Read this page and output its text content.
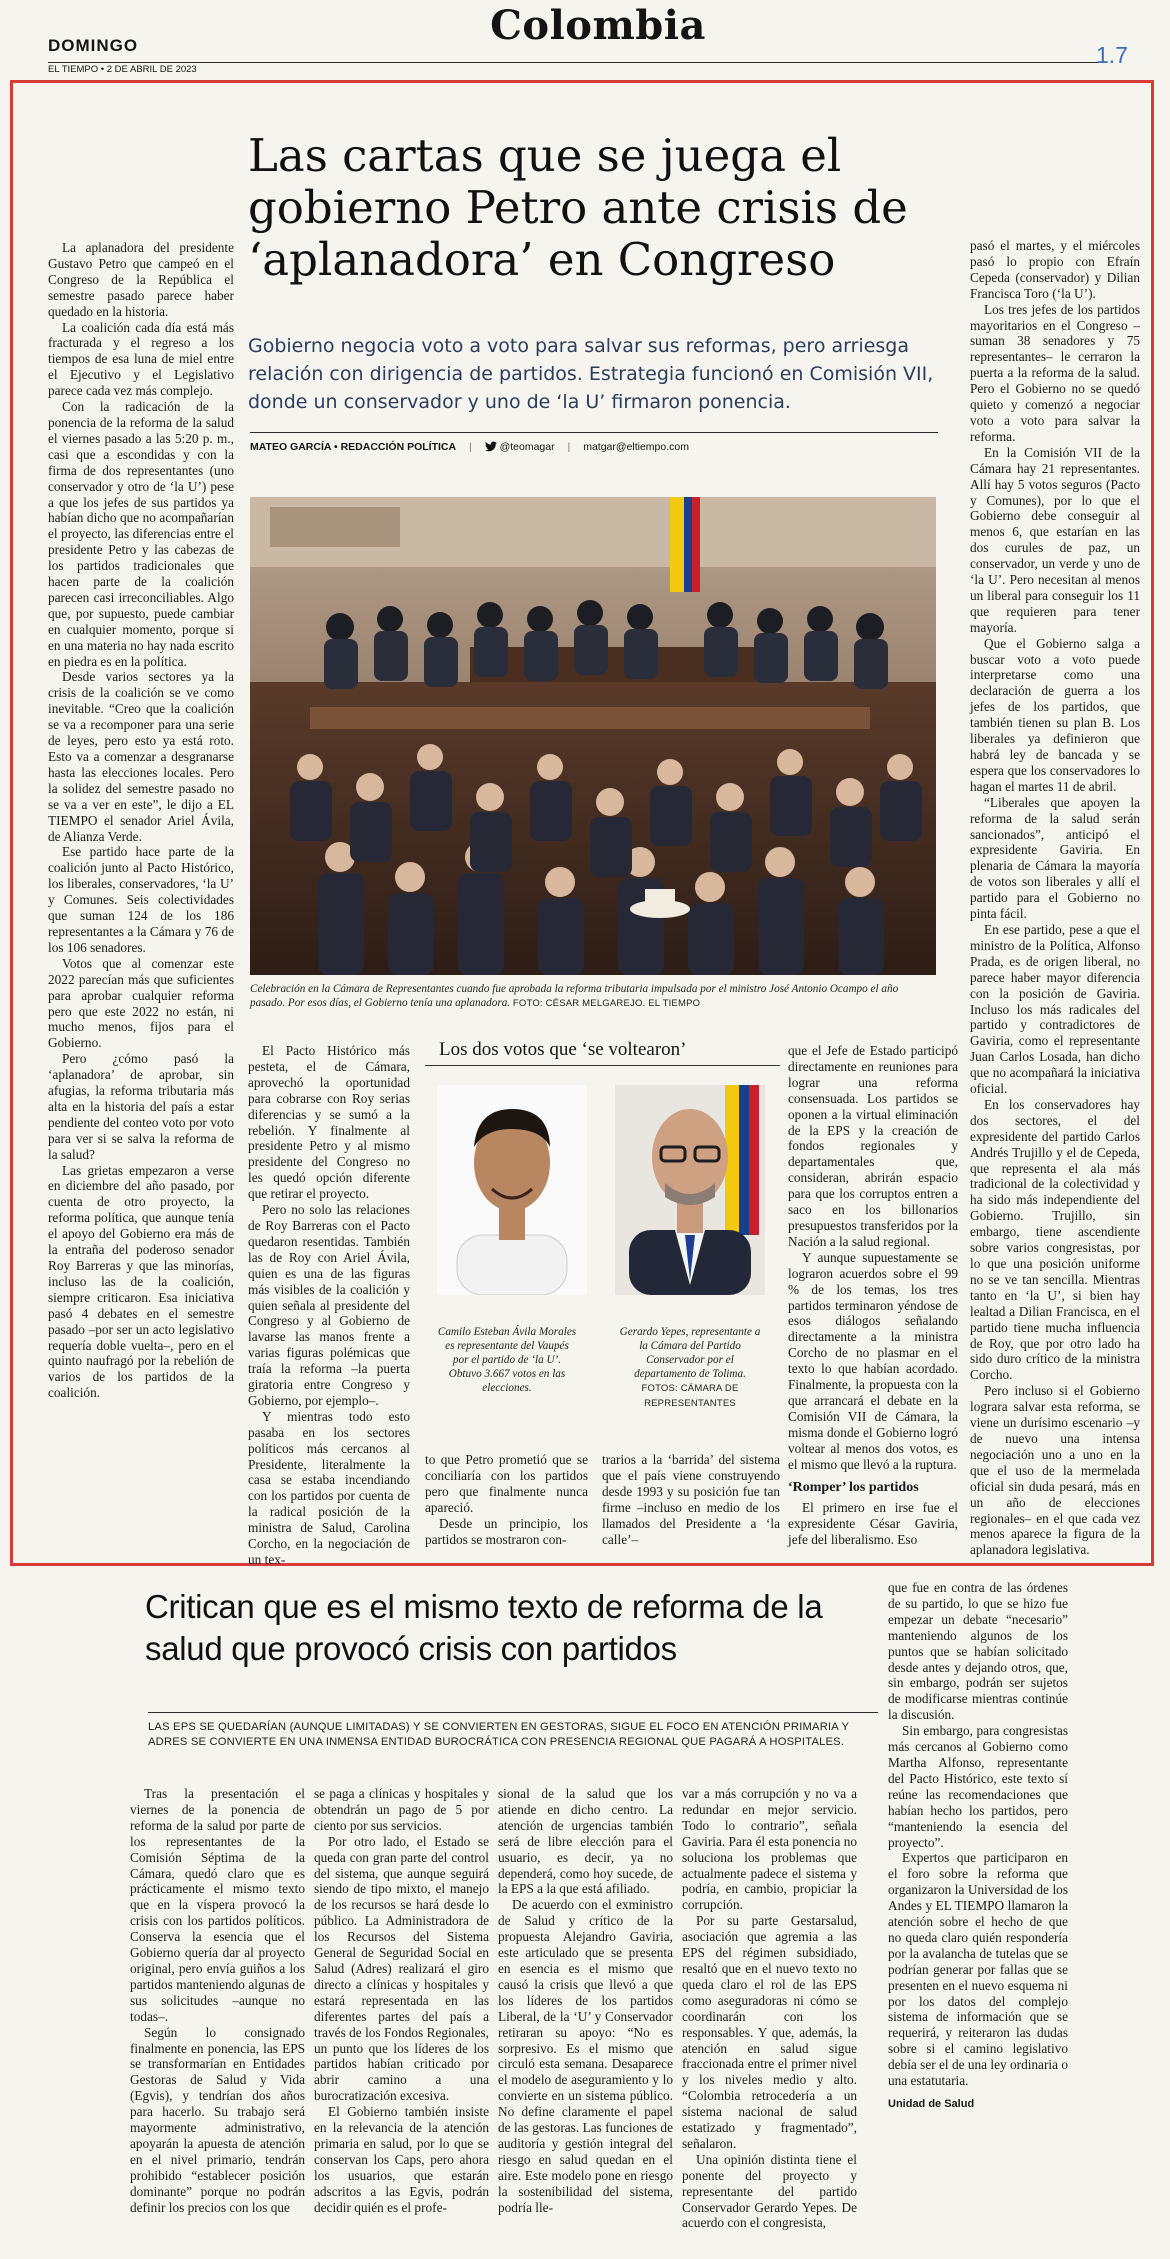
DOMINGO	Colombia
EL TIEMPO • 2 DE ABRIL DE 2023
1.7
Las cartas que se juega el gobierno Petro ante crisis de ‘aplanadora’ en Congreso
Gobierno negocia voto a voto para salvar sus reformas, pero arriesga relación con dirigencia de partidos. Estrategia funcionó en Comisión VII, donde un conservador y uno de ‘la U’ firmaron ponencia.
MATEO GARCÍA • REDACCIÓN POLÍTICA |	@teomagar | matgar@eltiempo.com
Celebración en la Cámara de Representantes cuando fue aprobada la reforma tributaria impulsada por el ministro José Antonio Ocampo el año pasado. Por esos días, el Gobierno tenía una aplanadora. FOTO: CÉSAR MELGAREJO. EL TIEMPO

La aplanadora del presidente Gustavo Petro que campeó en el Congreso de la República el semestre pasado parece haber quedado en la historia.

La coalición cada día está más fracturada y el regreso a los tiempos de esa luna de miel entre el Ejecutivo y el Legislativo parece cada vez más complejo.

Con la radicación de la ponencia de la reforma de la salud el viernes pasado a las 5:20 p. m., casi que a escondidas y con la firma de dos representantes (uno conservador y otro de ‘la U’) pese a que los jefes de sus partidos ya habían dicho que no acompañarían el proyecto, las diferencias entre el presidente Petro y las cabezas de los partidos tradicionales que hacen parte de la coalición parecen casi irreconciliables. Algo que, por supuesto, puede cambiar en cualquier momento, porque si en una materia no hay nada escrito en piedra es en la política.

Desde varios sectores ya la crisis de la coalición se ve como inevitable. “Creo que la coalición se va a recomponer para una serie de leyes, pero esto ya está roto. Esto va a comenzar a desgranarse hasta las elecciones locales. Pero la solidez del semestre pasado no se va a ver en este”, le dijo a EL TIEMPO el senador Ariel Ávila, de Alianza Verde.

Ese partido hace parte de la coalición junto al Pacto Histórico, los liberales, conservadores, ‘la U’ y Comunes. Seis colectividades que suman 124 de los 186 representantes a la Cámara y 76 de los 106 senadores.

Votos que al comenzar este 2022 parecían más que suficientes para aprobar cualquier reforma pero que este 2022 no están, ni mucho menos, fijos para el Gobierno.

Pero ¿cómo pasó la ‘aplanadora’ de aprobar, sin afugias, la reforma tributaria más alta en la historia del país a estar pendiente del conteo voto por voto para ver si se salva la reforma de la salud?

Las grietas empezaron a verse en diciembre del año pasado, por cuenta de otro proyecto, la reforma política, que aunque tenía el apoyo del Gobierno era más de la entraña del poderoso senador Roy Barreras y que las minorías, incluso las de la coalición, siempre criticaron. Esa iniciativa pasó 4 debates en el semestre pasado –por ser un acto legislativo requería doble vuelta–, pero en el quinto naufragó por la rebelión de varios de los partidos de la coalición.

El Pacto Histórico más pesteta, el de Cámara, aprovechó la oportunidad para cobrarse con Roy serias diferencias y se sumó a la rebelión. Y finalmente al presidente Petro y al mismo presidente del Congreso no les quedó opción diferente que retirar el proyecto.

Pero no solo las relaciones de Roy Barreras con el Pacto quedaron resentidas. También las de Roy con Ariel Ávila, quien es una de las figuras más visibles de la coalición y quien señala al presidente del Congreso y al Gobierno de lavarse las manos frente a varias figuras polémicas que traía la reforma –la puerta giratoria entre Congreso y Gobierno, por ejemplo–.

Y mientras todo esto pasaba en los sectores políticos más cercanos al Presidente, literalmente la casa se estaba incendiando con los partidos por cuenta de la radical posición de la ministra de Salud, Carolina Corcho, en la negociación de un tex-

Los dos votos que ‘se voltearon’
Camilo Esteban Ávila Morales es representante del Vaupés por el partido de ‘la U’. Obtuvo 3.667 votos en las elecciones.
Gerardo Yepes, representante a la Cámara del Partido Conservador por el departamento de Tolima. FOTOS: CÁMARA DE REPRESENTANTES

to que Petro prometió que se conciliaría con los partidos pero que finalmente nunca apareció.

Desde un principio, los partidos se mostraron con-

trarios a la ‘barrida’ del sistema que el país viene construyendo desde 1993 y su posición fue tan firme –incluso en medio de los llamados del Presidente a ‘la calle’–

que el Jefe de Estado participó directamente en reuniones para lograr una reforma consensuada. Los partidos se oponen a la virtual eliminación de la EPS y la creación de fondos regionales y departamentales que, consideran, abrirán espacio para que los corruptos entren a saco en los billonarios presupuestos transferidos por la Nación a la salud regional.

Y aunque supuestamente se lograron acuerdos sobre el 99 % de los temas, los tres partidos terminaron yéndose de esos diálogos señalando directamente a la ministra Corcho de no plasmar en el texto lo que habían acordado. Finalmente, la propuesta con la que arrancará el debate en la Comisión VII de Cámara, la misma donde el Gobierno logró voltear al menos dos votos, es el mismo que llevó a la ruptura.

‘Romper’ los partidos

El primero en irse fue el expresidente César Gaviria, jefe del liberalismo. Eso

pasó el martes, y el miércoles pasó lo propio con Efraín Cepeda (conservador) y Dilian Francisca Toro (‘la U’).

Los tres jefes de los partidos mayoritarios en el Congreso –suman 38 senadores y 75 representantes– le cerraron la puerta a la reforma de la salud. Pero el Gobierno no se quedó quieto y comenzó a negociar voto a voto para salvar la reforma.

En la Comisión VII de la Cámara hay 21 representantes. Allí hay 5 votos seguros (Pacto y Comunes), por lo que el Gobierno debe conseguir al menos 6, que estarían en las dos curules de paz, un conservador, un verde y uno de ‘la U’. Pero necesitan al menos un liberal para conseguir los 11 que requieren para tener mayoría.

Que el Gobierno salga a buscar voto a voto puede interpretarse como una declaración de guerra a los jefes de los partidos, que también tienen su plan B. Los liberales ya definieron que habrá ley de bancada y se espera que los conservadores lo hagan el martes 11 de abril.

“Liberales que apoyen la reforma de la salud serán sancionados”, anticipó el expresidente Gaviria. En plenaria de Cámara la mayoría de votos son liberales y allí el partido para el Gobierno no pinta fácil.

En ese partido, pese a que el ministro de la Política, Alfonso Prada, es de origen liberal, no parece haber mayor diferencia con la posición de Gaviria. Incluso los más radicales del partido y contradictores de Gaviria, como el representante Juan Carlos Losada, han dicho que no acompañará la iniciativa oficial.

En los conservadores hay dos sectores, el del expresidente del partido Carlos Andrés Trujillo y el de Cepeda, que representa el ala más tradicional de la colectividad y ha sido más independiente del Gobierno. Trujillo, sin embargo, tiene ascendiente sobre varios congresistas, por lo que una posición uniforme no se ve tan sencilla. Mientras tanto en ‘la U’, si bien hay lealtad a Dilian Francisca, en el partido tiene mucha influencia de Roy, que por otro lado ha sido duro crítico de la ministra Corcho.

Pero incluso si el Gobierno lograra salvar esta reforma, se viene un durísimo escenario –y de nuevo una intensa negociación uno a uno en la que el uso de la mermelada oficial sin duda pesará, más en un año de elecciones regionales– en el que cada vez menos aparece la figura de la aplanadora legislativa.

Critican que es el mismo texto de reforma de la salud que provocó crisis con partidos
LAS EPS SE QUEDARÍAN (AUNQUE LIMITADAS) Y SE CONVIERTEN EN GESTORAS, SIGUE EL FOCO EN ATENCIÓN PRIMARIA Y ADRES SE CONVIERTE EN UNA INMENSA ENTIDAD BUROCRÁTICA CON PRESENCIA REGIONAL QUE PAGARÁ A HOSPITALES.

Tras la presentación el viernes de la ponencia de reforma de la salud por parte de los representantes de la Comisión Séptima de la Cámara, quedó claro que es prácticamente el mismo texto que en la víspera provocó la crisis con los partidos políticos. Conserva la esencia que el Gobierno quería dar al proyecto original, pero envía guiños a los partidos manteniendo algunas de sus solicitudes –aunque no todas–.

Según lo consignado finalmente en ponencia, las EPS se transformarían en Entidades Gestoras de Salud y Vida (Egvis), y tendrían dos años para hacerlo. Su trabajo será mayormente administrativo, apoyarán la apuesta de atención en el nivel primario, tendrán prohibido “establecer posición dominante” porque no podrán definir los precios con los que

se paga a clínicas y hospitales y obtendrán un pago de 5 por ciento por sus servicios.

Por otro lado, el Estado se queda con gran parte del control del sistema, que aunque seguirá siendo de tipo mixto, el manejo de los recursos se hará desde lo público. La Administradora de los Recursos del Sistema General de Seguridad Social en Salud (Adres) realizará el giro directo a clínicas y hospitales y estará representada en las diferentes partes del país a través de los Fondos Regionales, un punto que los líderes de los partidos habían criticado por abrir camino a una burocratización excesiva.

El Gobierno también insiste en la relevancia de la atención primaria en salud, por lo que se conservan los Caps, pero ahora los usuarios, que estarán adscritos a las Egvis, podrán decidir quién es el profe-

sional de la salud que los atiende en dicho centro. La atención de urgencias también será de libre elección para el usuario, es decir, ya no dependerá, como hoy sucede, de la EPS a la que está afiliado.

De acuerdo con el exministro de Salud y crítico de la propuesta Alejandro Gaviria, este articulado que se presenta en esencia es el mismo que causó la crisis que llevó a que los líderes de los partidos Liberal, de la ‘U’ y Conservador retiraran su apoyo: “No es sorpresivo. Es el mismo que circuló esta semana. Desaparece el modelo de aseguramiento y lo convierte en un sistema público. No define claramente el papel de las gestoras. Las funciones de auditoría y gestión integral del riesgo en salud quedan en el aire. Este modelo pone en riesgo la sostenibilidad del sistema, podría lle-

var a más corrupción y no va a redundar en mejor servicio. Todo lo contrario”, señala Gaviria. Para él esta ponencia no soluciona los problemas que actualmente padece el sistema y podría, en cambio, propiciar la corrupción.

Por su parte Gestarsalud, asociación que agremia a las EPS del régimen subsidiado, resaltó que en el nuevo texto no queda claro el rol de las EPS como aseguradoras ni cómo se coordinarán con los responsables. Y que, además, la atención en salud sigue fraccionada entre el primer nivel y los niveles medio y alto. “Colombia retrocedería a un sistema nacional de salud estatizado y fragmentado”, señalaron.

Una opinión distinta tiene el ponente del proyecto y representante del partido Conservador Gerardo Yepes. De acuerdo con el congresista,

que fue en contra de las órdenes de su partido, lo que se hizo fue empezar un debate “necesario” manteniendo algunos de los puntos que se habían solicitado desde antes y dejando otros, que, sin embargo, podrán ser sujetos de modificarse mientras continúe la discusión.

Sin embargo, para congresistas más cercanos al Gobierno como Martha Alfonso, representante del Pacto Histórico, este texto sí reúne las recomendaciones que habían hecho los partidos, pero “manteniendo la esencia del proyecto”.

Expertos que participaron en el foro sobre la reforma que organizaron la Universidad de los Andes y EL TIEMPO llamaron la atención sobre el hecho de que no queda claro quién respondería por la avalancha de tutelas que se podrían generar por fallas que se presenten en el nuevo esquema ni por los datos del complejo sistema de información que se requerirá, y reiteraron las dudas sobre si el camino legislativo debía ser el de una ley ordinaria o una estatutaria.

Unidad de Salud
